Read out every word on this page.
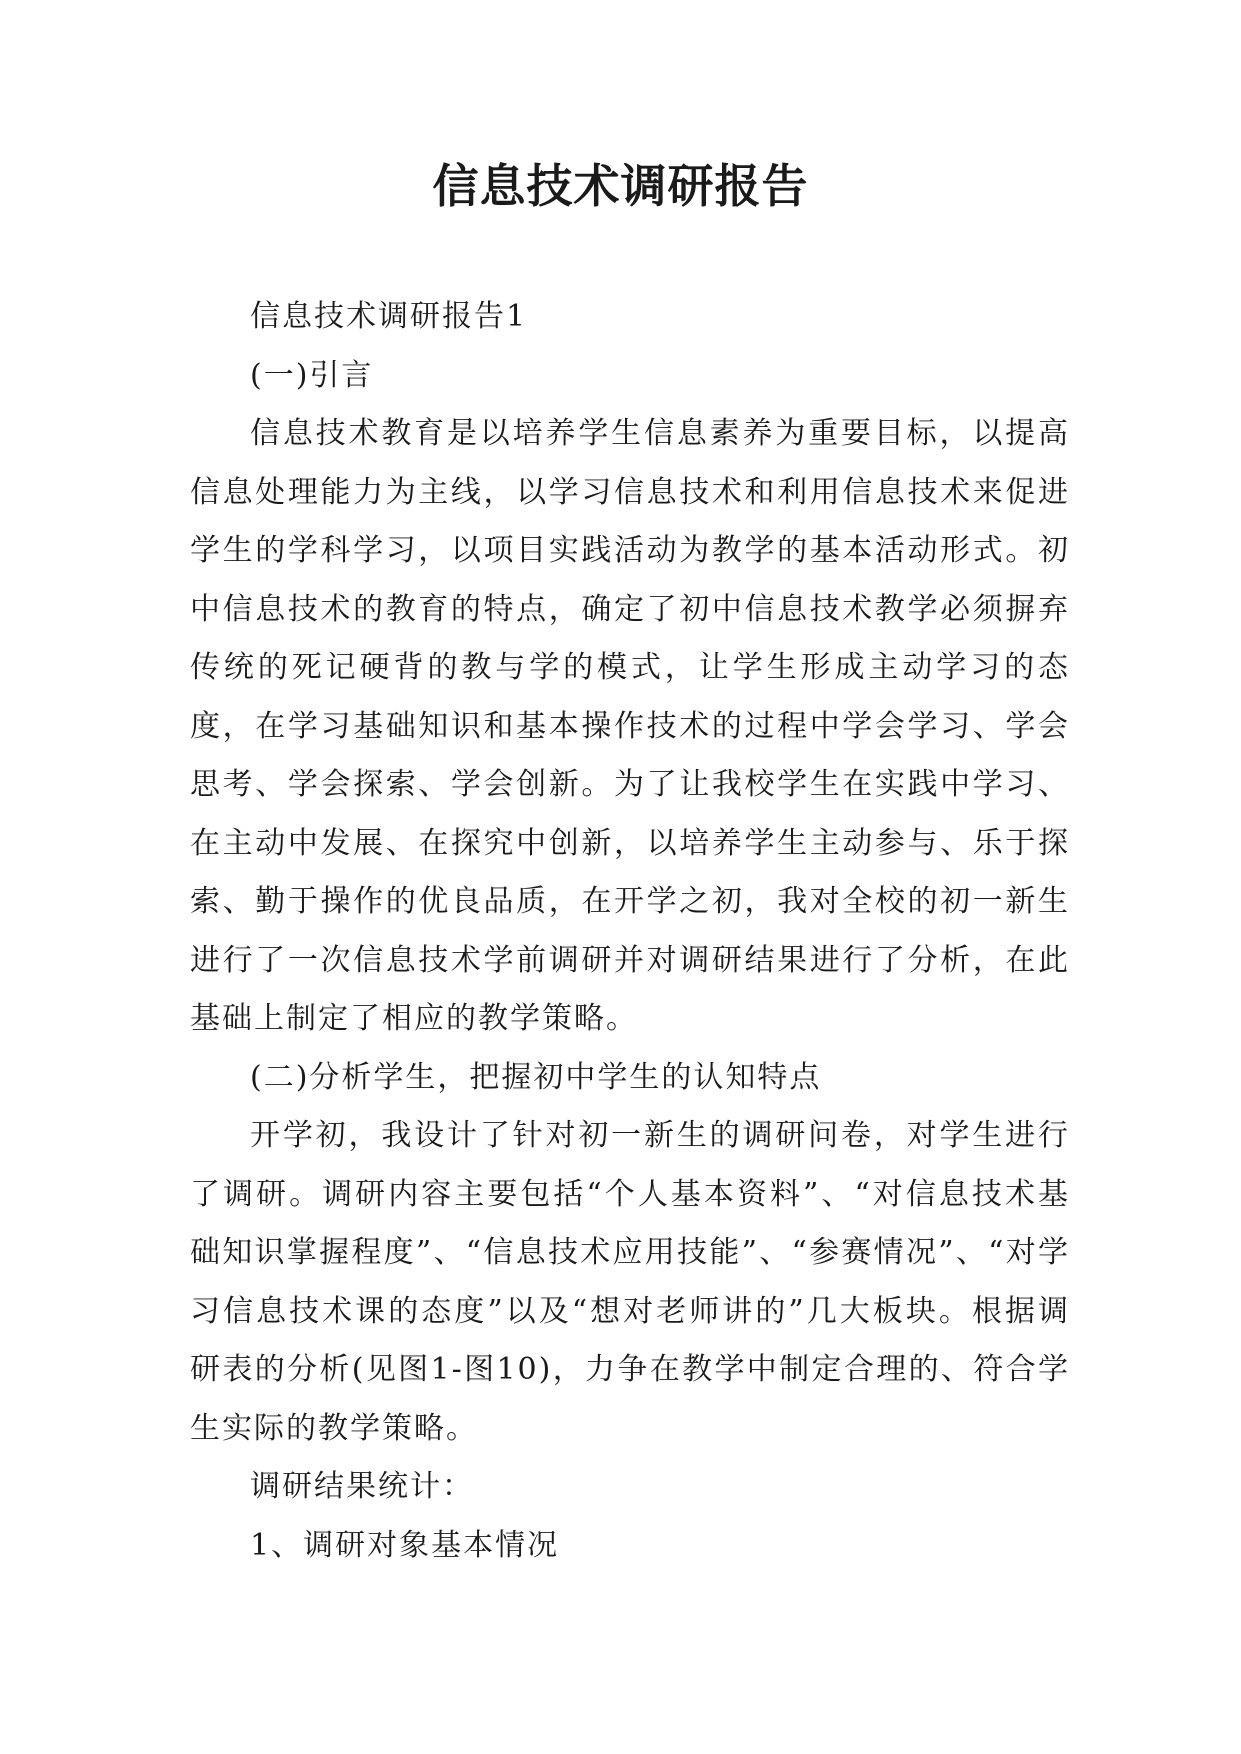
信息技术调研报告

信息技术调研报告1

(一)引言

信息技术教育是以培养学生信息素养为重要目标，以提高信息处理能力为主线，以学习信息技术和利用信息技术来促进学生的学科学习，以项目实践活动为教学的基本活动形式。初中信息技术的教育的特点，确定了初中信息技术教学必须摒弃传统的死记硬背的教与学的模式，让学生形成主动学习的态度，在学习基础知识和基本操作技术的过程中学会学习、学会思考、学会探索、学会创新。为了让我校学生在实践中学习、在主动中发展、在探究中创新，以培养学生主动参与、乐于探索、勤于操作的优良品质，在开学之初，我对全校的初一新生进行了一次信息技术学前调研并对调研结果进行了分析，在此基础上制定了相应的教学策略。

(二)分析学生，把握初中学生的认知特点

开学初，我设计了针对初一新生的调研问卷，对学生进行了调研。调研内容主要包括“个人基本资料”、“对信息技术基础知识掌握程度”、“信息技术应用技能”、“参赛情况”、“对学习信息技术课的态度”以及“想对老师讲的”几大板块。根据调研表的分析(见图1-图10)，力争在教学中制定合理的、符合学生实际的教学策略。

调研结果统计：

1、调研对象基本情况
